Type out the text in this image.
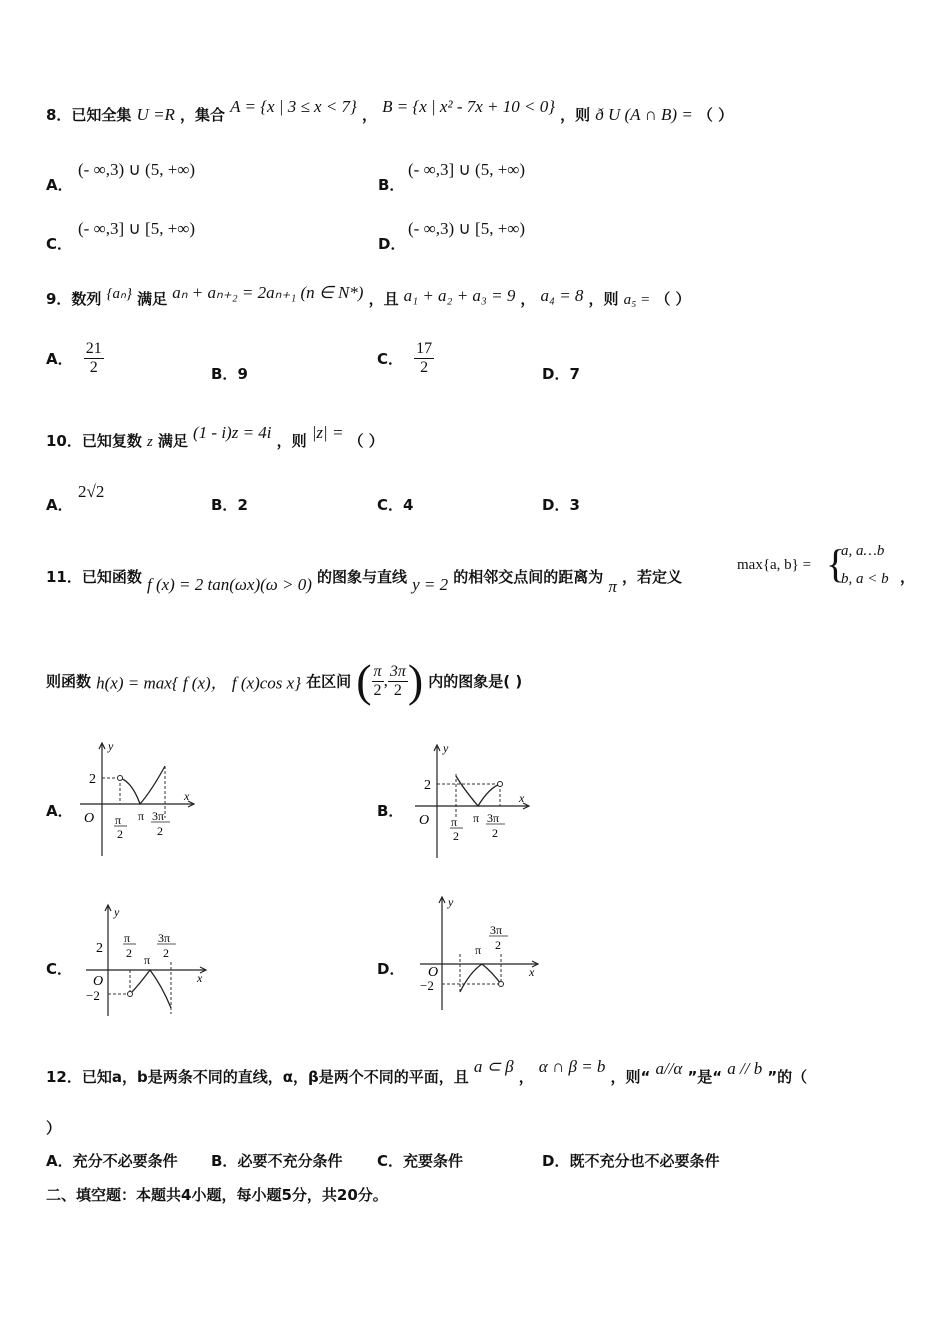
8．已知全集 U =R ，集合 A = {x | 3 ≤ x < 7} ， B = {x | x² - 7x + 10 < 0} ，则 ð U (A ∩ B) = （ ）
A．
(- ∞,3) ∪ (5, +∞)
B．
(- ∞,3] ∪ (5, +∞)
C．
(- ∞,3] ∪ [5, +∞)
D．
(- ∞,3) ∪ [5, +∞)
9．数列 {aₙ} 满足 aₙ + aₙ₊₂ = 2aₙ₊₁ (n ∈ N*) ，且 a₁ + a₂ + a₃ = 9 ， a₄ = 8 ，则 a₅ = （ ）
A． $\frac{21}{2}$	B．9
C． $\frac{17}{2}$	D．7
10．已知复数 z 满足 (1 - i)z = 4i ，则 |z| = （ ）
A．
2√2
B．2	C．4	D．3
11．已知函数 f (x) = 2 tan(ωx)(ω > 0) 的图象与直线 y = 2 的相邻交点间的距离为 π ，若定义
max{a, b} = {
a, a…b
b, a < b ，
则函数 h(x) = max{ f (x)， f (x)cos x} 在区间 ( $\frac{\pi}{2}$ , $\frac{3\pi}{2}$ ) 内的图象是( )
A．	B．
C．	D．
y
x
O
2
π
2
π 3π
2
y
x
O
2
π
2
π 3π
2
y
x
O
2
−2
π
2 π
3π
2
y
x
O
−2
π
3π
2
12．已知a，b是两条不同的直线，α，β是两个不同的平面，且 a ⊂ β ， α ∩ β = b ，则“ a//α ”是“ a // b ”的（
）
A．充分不必要条件 B．必要不充分条件 C．充要条件	D．既不充分也不必要条件
二、填空题：本题共4小题，每小题5分，共20分。
